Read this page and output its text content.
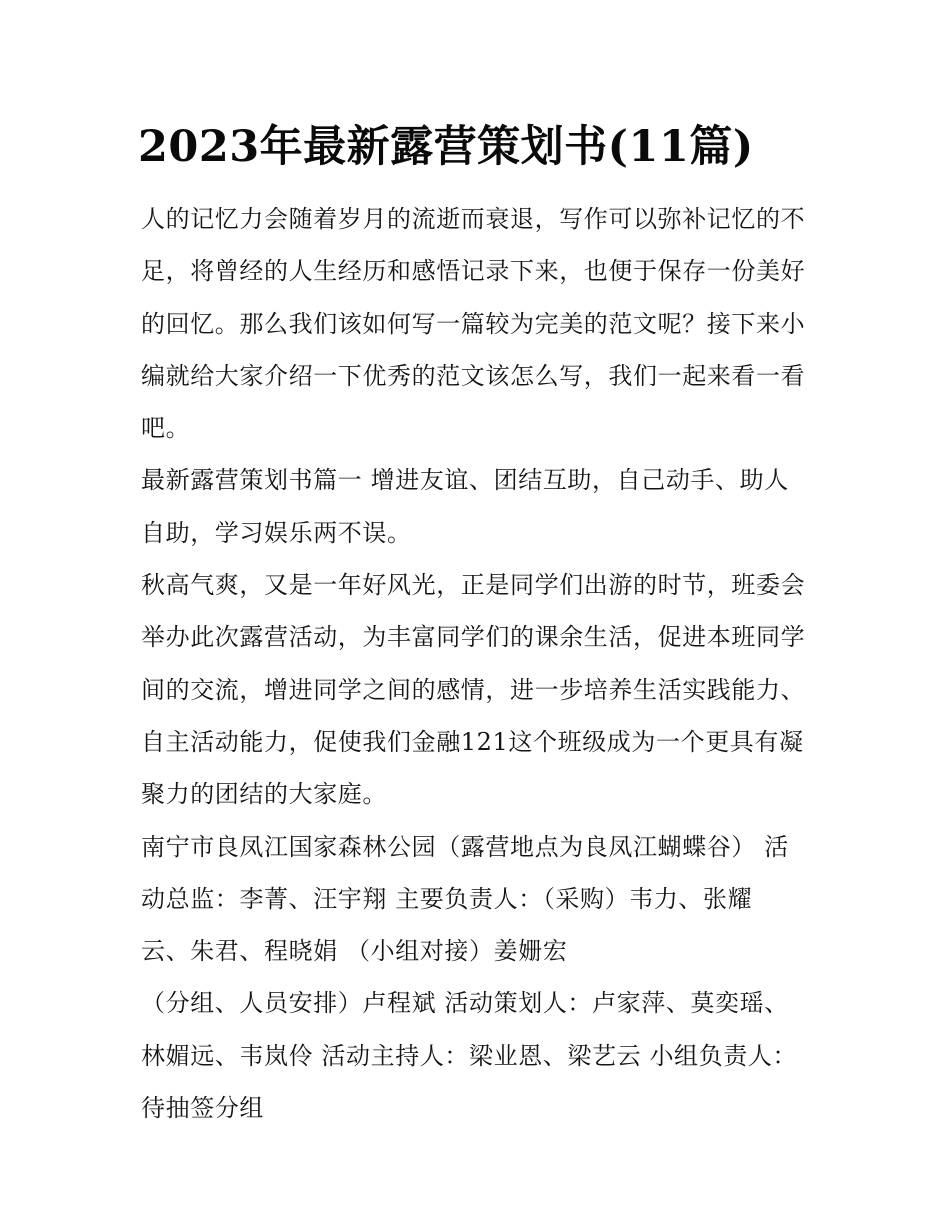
2023年最新露营策划书(11篇)
人的记忆力会随着岁月的流逝而衰退，写作可以弥补记忆的不
足，将曾经的人生经历和感悟记录下来，也便于保存一份美好
的回忆。那么我们该如何写一篇较为完美的范文呢？接下来小
编就给大家介绍一下优秀的范文该怎么写，我们一起来看一看
吧。
最新露营策划书篇一 增进友谊、团结互助，自己动手、助人
自助，学习娱乐两不误。
秋高气爽，又是一年好风光，正是同学们出游的时节，班委会
举办此次露营活动，为丰富同学们的课余生活，促进本班同学
间的交流，增进同学之间的感情，进一步培养生活实践能力、
自主活动能力，促使我们金融121这个班级成为一个更具有凝
聚力的团结的大家庭。
南宁市良凤江国家森林公园（露营地点为良凤江蝴蝶谷） 活
动总监：李菁、汪宇翔 主要负责人：（采购）韦力、张耀
云、朱君、程晓娟 （小组对接）姜姗宏
（分组、人员安排）卢程斌 活动策划人：卢家萍、莫奕瑶、
林媚远、韦岚伶 活动主持人：梁业恩、梁艺云 小组负责人：
待抽签分组
